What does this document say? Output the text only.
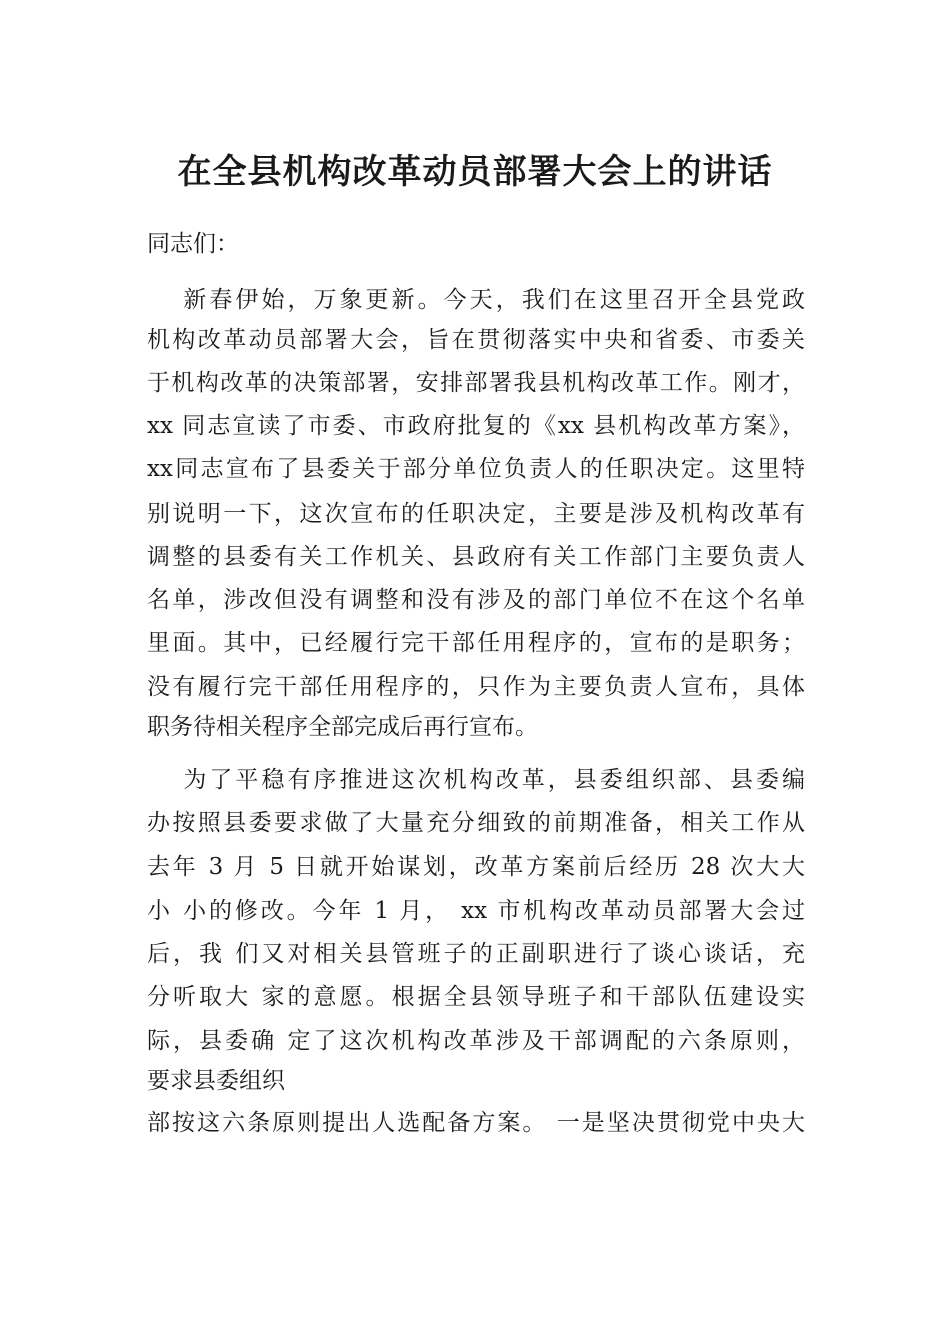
在全县机构改革动员部署大会上的讲话
同志们：
　 新春伊始，万象更新。今天，我们在这里召开全县党政
机构改革动员部署大会，旨在贯彻落实中央和省委、市委关
于机构改革的决策部署，安排部署我县机构改革工作。刚才，
xx 同志宣读了市委、市政府批复的《xx 县机构改革方案》，
xx同志宣布了县委关于部分单位负责人的任职决定。这里特
别说明一下，这次宣布的任职决定，主要是涉及机构改革有
调整的县委有关工作机关、县政府有关工作部门主要负责人
名单，涉改但没有调整和没有涉及的部门单位不在这个名单
里面。其中，已经履行完干部任用程序的，宣布的是职务；
没有履行完干部任用程序的，只作为主要负责人宣布，具体
职务待相关程序全部完成后再行宣布。
　 为了平稳有序推进这次机构改革，县委组织部、县委编
办按照县委要求做了大量充分细致的前期准备，相关工作从
去年 3 月 5 日就开始谋划，改革方案前后经历 28 次大大
小 小的修改。今年 1 月， xx 市机构改革动员部署大会过
后，我 们又对相关县管班子的正副职进行了谈心谈话，充
分听取大 家的意愿。根据全县领导班子和干部队伍建设实
际，县委确 定了这次机构改革涉及干部调配的六条原则，
要求县委组织
部按这六条原则提出人选配备方案。 一是坚决贯彻党中央大
